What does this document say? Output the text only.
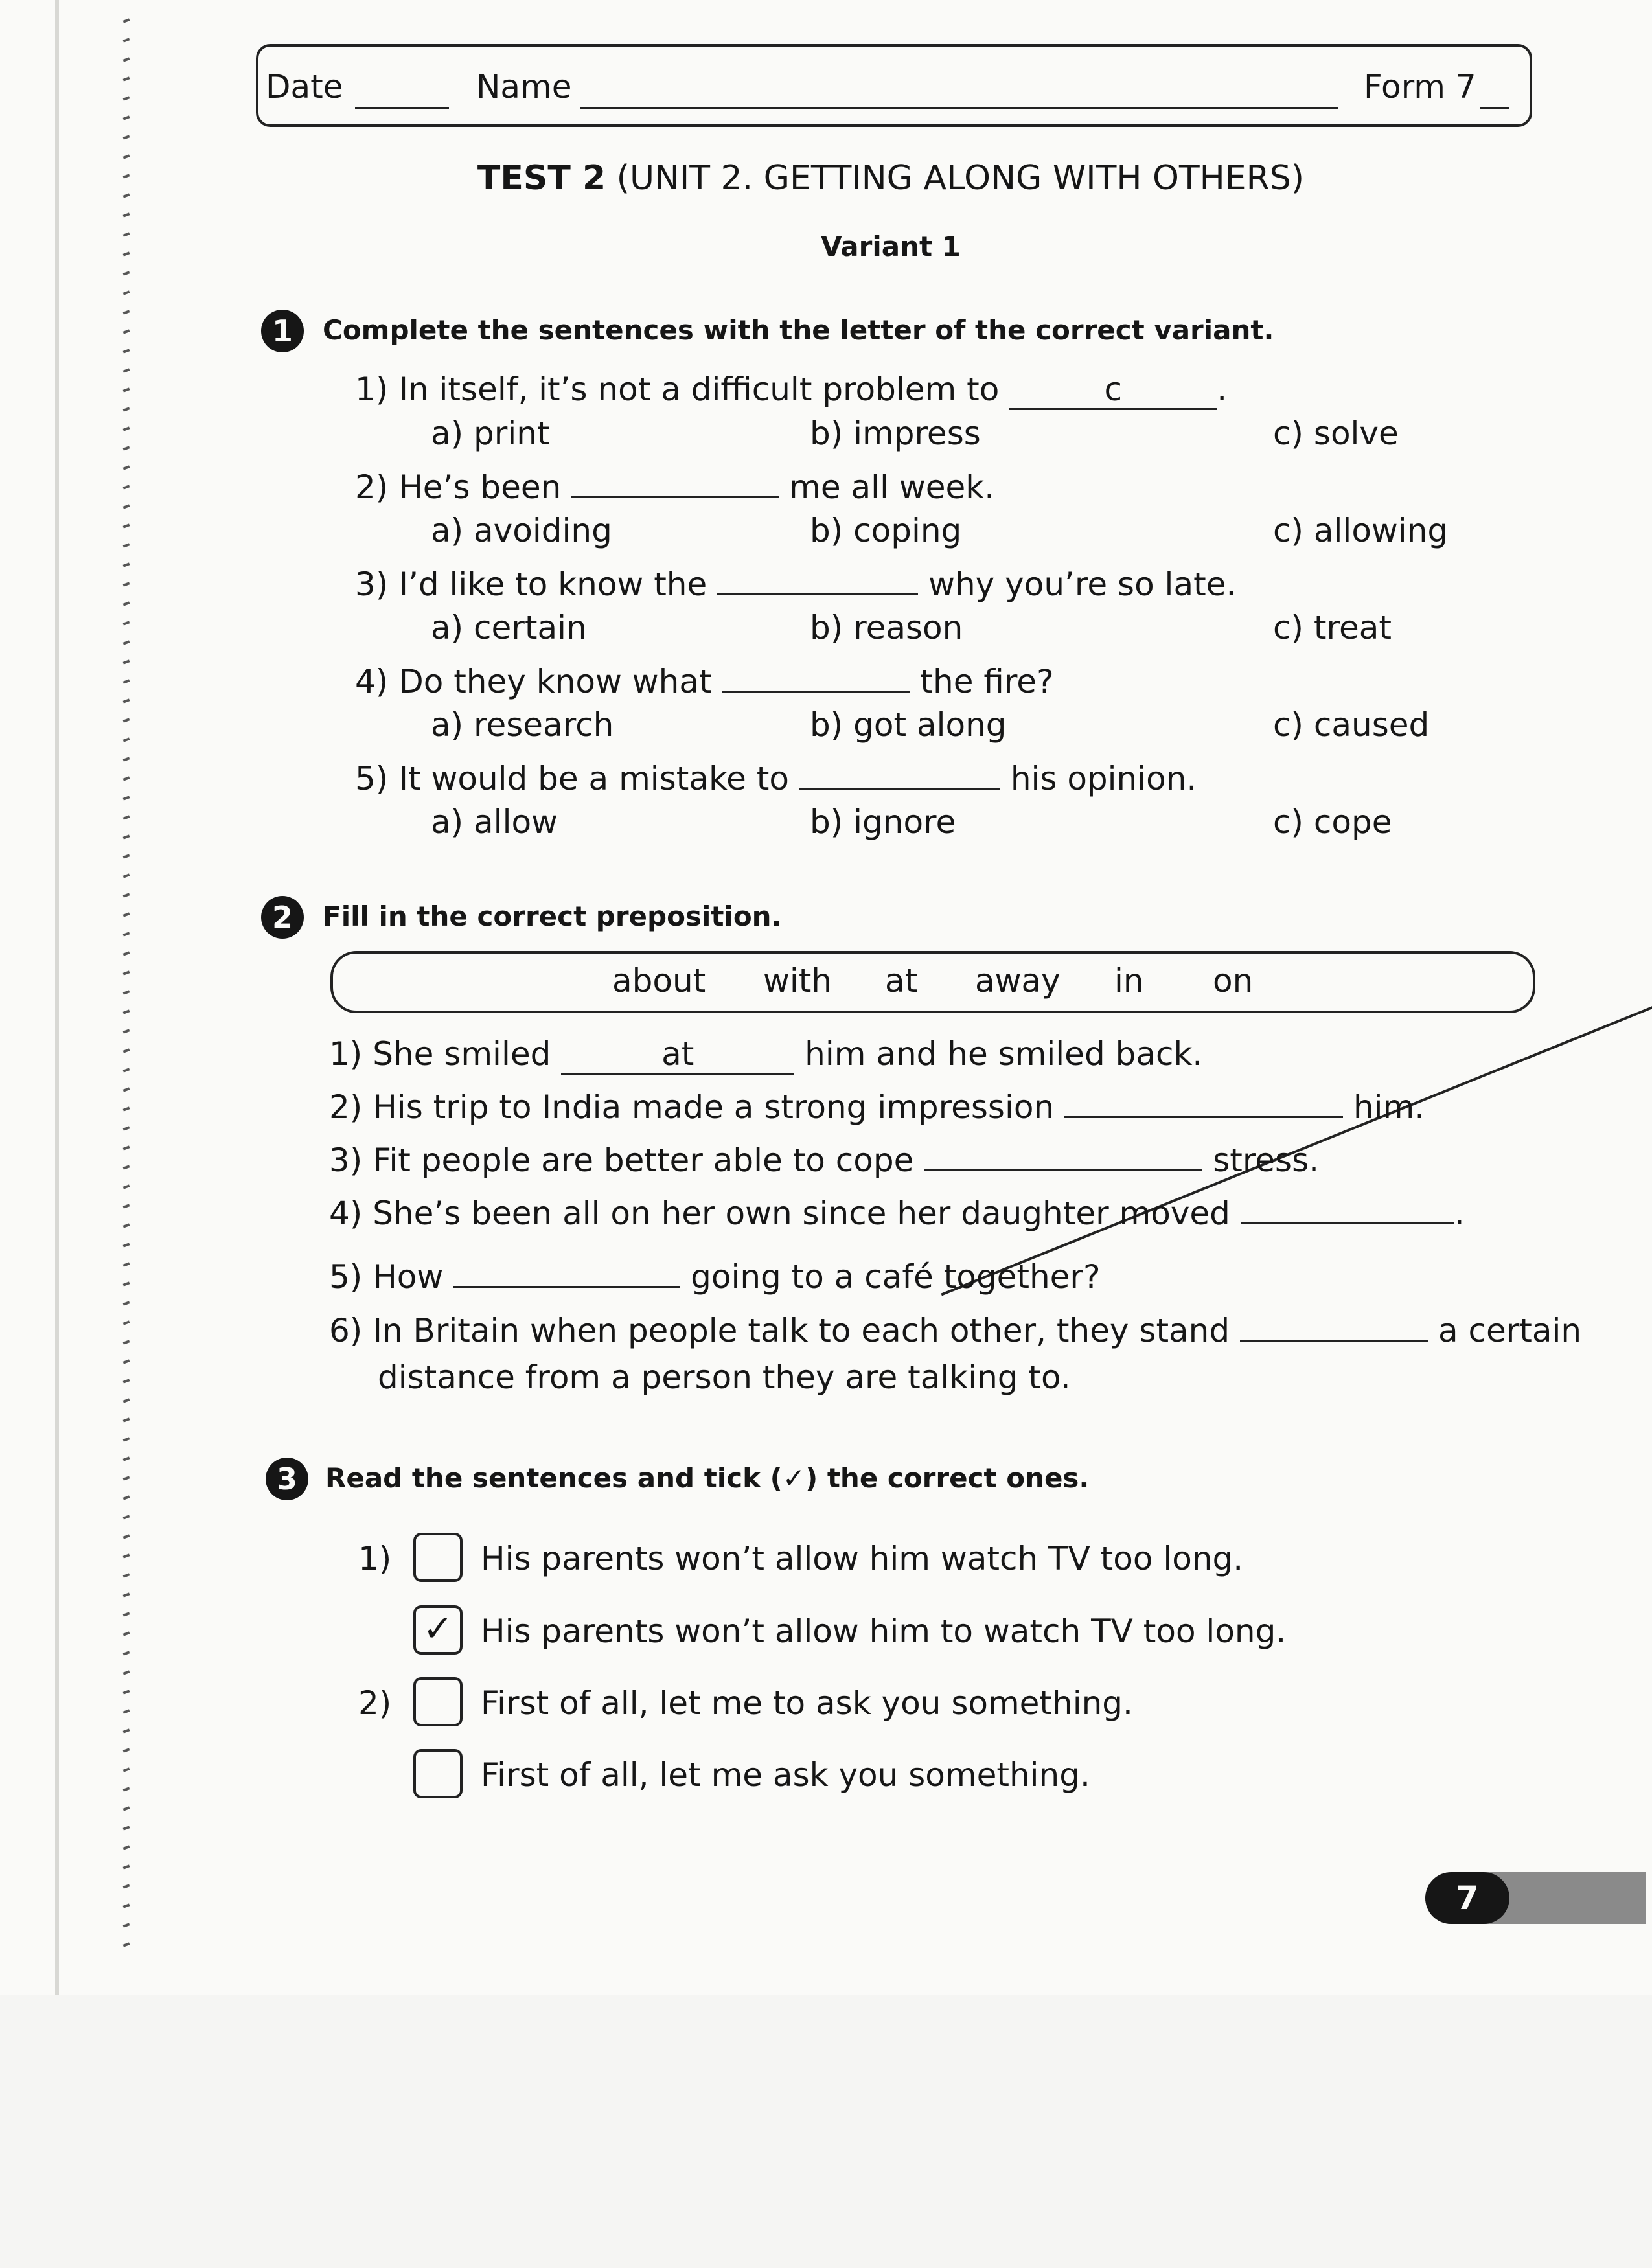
Date	Name	Form 7
TEST 2 (UNIT 2. GETTING ALONG WITH OTHERS)
Variant 1
1	Complete the sentences with the letter of the correct variant.
1) In itself, it’s not a difficult problem to	c	.
a) print	b) impress	c) solve
2) He’s been	me all week.
a) avoiding	b) coping	c) allowing
3) I’d like to know the	why you’re so late.
a) certain	b) reason	c) treat
4) Do they know what	the fire?
a) research	b) got along	c) caused
5) It would be a mistake to	his opinion.
a) allow	b) ignore	c) cope
2	Fill in the correct preposition.
about with at	away in on
1) She smiled	at	him and he smiled back.
2) His trip to India made a strong impression	him.
3) Fit people are better able to cope	stress.
4) She’s been all on her own since her daughter moved	.
5) How	going to a café together?
6) In Britain when people talk to each other, they stand	a certain
distance from a person they are talking to.
3	Read the sentences and tick (✓) the correct ones.
1)	His parents won’t allow him watch TV too long.
✓ His parents won’t allow him to watch TV too long.
2)	First of all, let me to ask you something.
First of all, let me ask you something.
7
